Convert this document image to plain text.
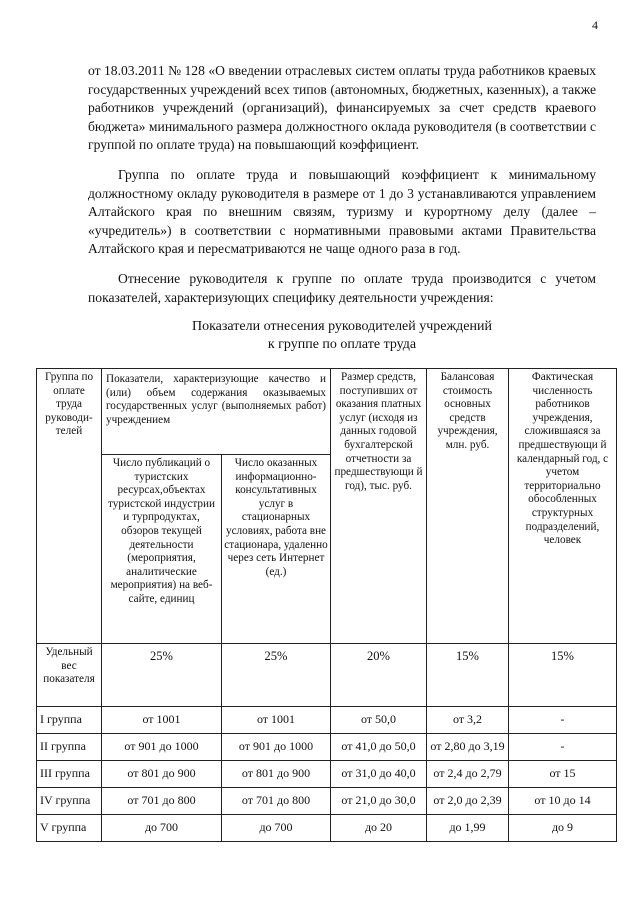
4

от 18.03.2011 № 128 «О введении отраслевых систем оплаты труда работников краевых государственных учреждений всех типов (автономных, бюджетных, казенных), а также работников учреждений (организаций), финансируемых за счет средств краевого бюджета» минимального размера должностного оклада руководителя (в соответствии с группой по оплате труда) на повышающий коэффициент.

Группа по оплате труда и повышающий коэффициент к минимальному должностному окладу руководителя в размере от 1 до 3 устанавливаются управлением Алтайского края по внешним связям, туризму и курортному делу (далее – «учредитель») в соответствии с нормативными правовыми актами Правительства Алтайского края и пересматриваются не чаще одного раза в год.

Отнесение руководителя к группе по оплате труда производится с учетом показателей, характеризующих специфику деятельности учреждения:

Показатели отнесения руководителей учреждений
к группе по оплате труда
Группа по оплате труда руководи-телей	Показатели, характеризующие качество и (или) объем содержания оказываемых государственных услуг (выполняемых работ) учреждением		Размер средств, поступивших от оказания платных услуг (исходя из данных годовой бухгалтерской отчетности за предшествующи й год), тыс. руб.	Балансовая стоимость основных средств учреждения, млн. руб.	Фактическая численность работников учреждения, сложившаяся за предшествующи й календарный год, с учетом территориально обособленных структурных подразделений, человек
	Число публикаций о туристских ресурсах,объектах туристской индустрии и турпродуктах, обзоров текущей деятельности (мероприятия, аналитические мероприятия) на веб-сайте, единиц	Число оказанных информационно-консультативных услуг в стационарных условиях, работа вне стационара, удаленно через сеть Интернет (ед.)			
Удельный вес показателя	25%	25%	20%	15%	15%
I группа	от 1001	от 1001	от 50,0	от 3,2	-
II группа	от 901 до 1000	от 901 до 1000	от 41,0 до 50,0	от 2,80 до 3,19	-
III группа	от 801 до 900	от 801 до 900	от 31,0 до 40,0	от 2,4 до 2,79	от 15
IV группа	от 701 до 800	от 701 до 800	от 21,0 до 30,0	от 2,0 до 2,39	от 10 до 14
V группа	до 700	до 700	до 20	до 1,99	до 9
